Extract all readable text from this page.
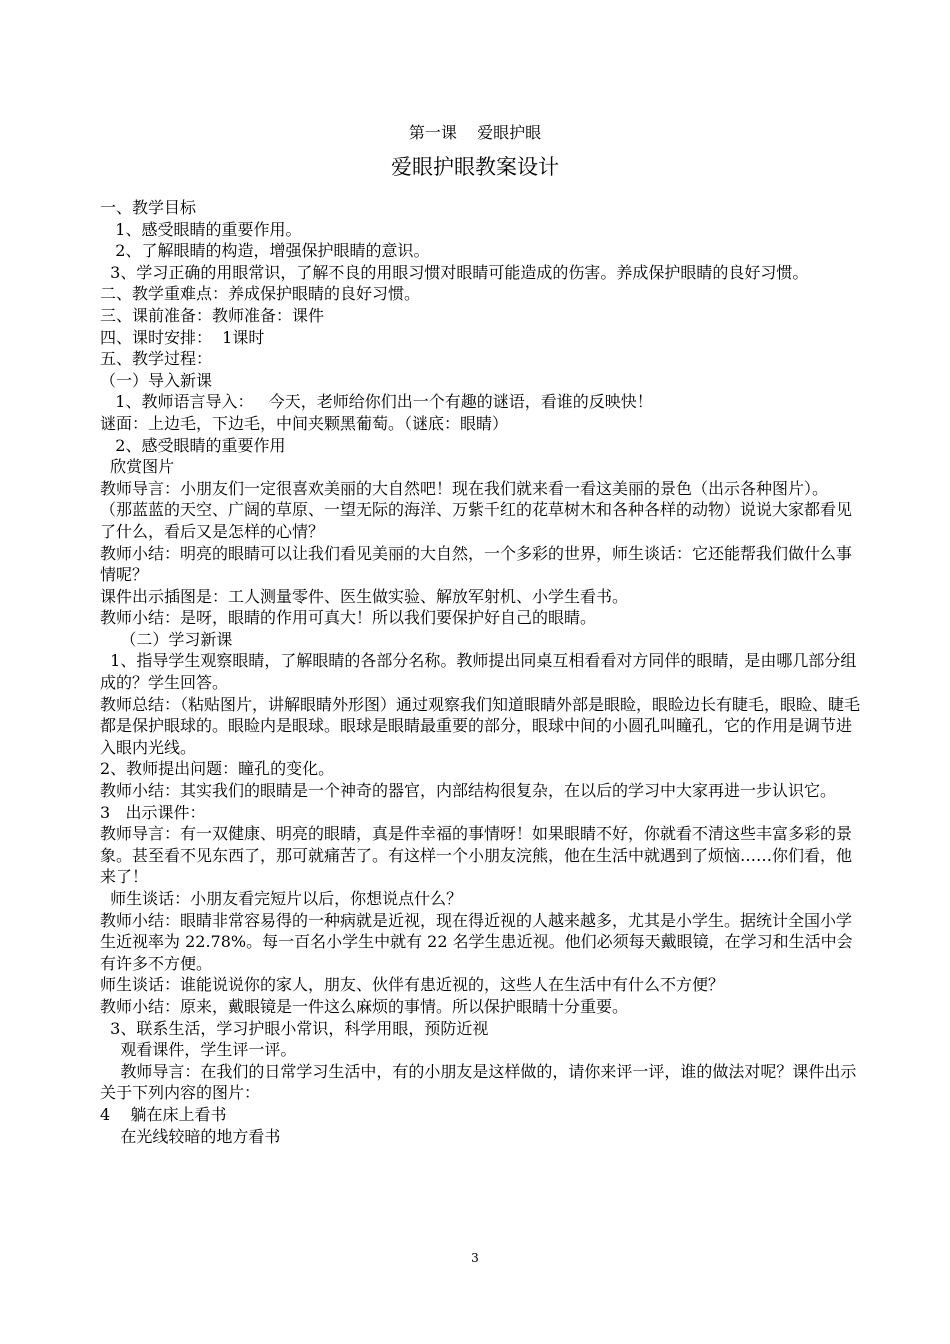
第一课    爱眼护眼
爱眼护眼教案设计

一、教学目标

1、感受眼睛的重要作用。

2、了解眼睛的构造，增强保护眼睛的意识。

3、学习正确的用眼常识，了解不良的用眼习惯对眼睛可能造成的伤害。养成保护眼睛的良好习惯。

二、教学重难点：养成保护眼睛的良好习惯。

三、课前准备：教师准备：课件

四、课时安排：  1课时

五、教学过程：

（一）导入新课

1、教师语言导入：   今天，老师给你们出一个有趣的谜语，看谁的反映快！

谜面：上边毛，下边毛，中间夹颗黑葡萄。（谜底：眼睛）

2、感受眼睛的重要作用

欣赏图片

教师导言：小朋友们一定很喜欢美丽的大自然吧！现在我们就来看一看这美丽的景色（出示各种图片）。    （那蓝蓝的天空、广阔的草原、一望无际的海洋、万紫千红的花草树木和各种各样的动物）说说大家都看见了什么，看后又是怎样的心情？

教师小结：明亮的眼睛可以让我们看见美丽的大自然，一个多彩的世界，师生谈话：它还能帮我们做什么事情呢？

课件出示插图是：工人测量零件、医生做实验、解放军射机、小学生看书。

教师小结：是呀，眼睛的作用可真大！所以我们要保护好自己的眼睛。

（二）学习新课

1、指导学生观察眼睛，了解眼睛的各部分名称。教师提出同桌互相看看对方同伴的眼睛，是由哪几部分组成的？学生回答。

教师总结：（粘贴图片，讲解眼睛外形图）通过观察我们知道眼睛外部是眼睑，眼睑边长有睫毛，眼睑、睫毛都是保护眼球的。眼睑内是眼球。眼球是眼睛最重要的部分，眼球中间的小圆孔叫瞳孔，它的作用是调节进入眼内光线。

2、教师提出问题：瞳孔的变化。

教师小结：其实我们的眼睛是一个神奇的器官，内部结构很复杂，在以后的学习中大家再进一步认识它。

3   出示课件：

教师导言：有一双健康、明亮的眼睛，真是件幸福的事情呀！如果眼睛不好，你就看不清这些丰富多彩的景象。甚至看不见东西了，那可就痛苦了。有这样一个小朋友浣熊，他在生活中就遇到了烦恼……你们看，他来了！

师生谈话：小朋友看完短片以后，你想说点什么？

教师小结：眼睛非常容易得的一种病就是近视，现在得近视的人越来越多，尤其是小学生。据统计全国小学生近视率为 22.78%。每一百名小学生中就有 22 名学生患近视。他们必须每天戴眼镜，在学习和生活中会有许多不方便。

师生谈话：谁能说说你的家人，朋友、伙伴有患近视的，这些人在生活中有什么不方便？

教师小结：原来，戴眼镜是一件这么麻烦的事情。所以保护眼睛十分重要。

3、联系生活，学习护眼小常识，科学用眼，预防近视

观看课件，学生评一评。

教师导言：在我们的日常学习生活中，有的小朋友是这样做的，请你来评一评，谁的做法对呢？课件出示关于下列内容的图片：

4    躺在床上看书

在光线较暗的地方看书

3
